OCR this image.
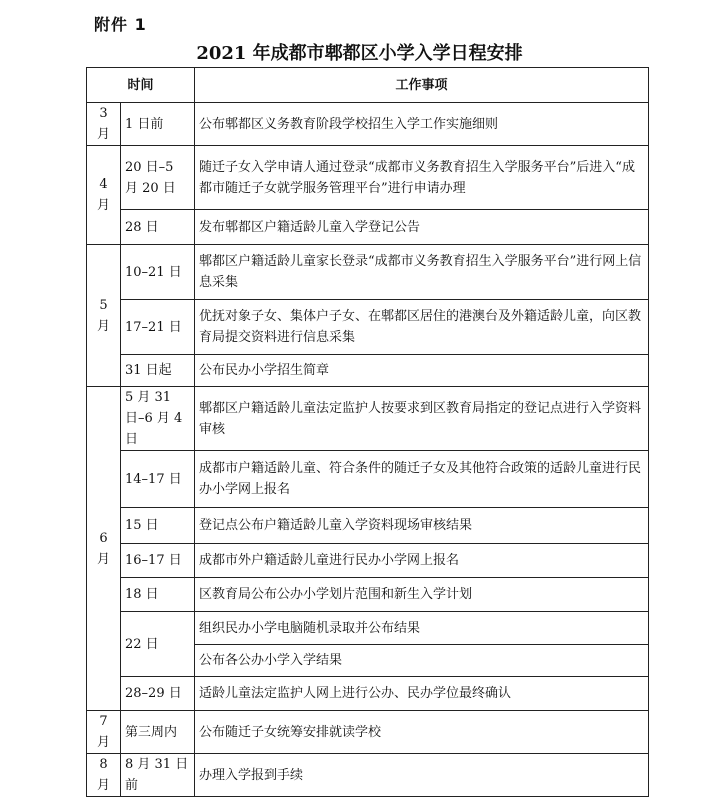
附件 1
2021 年成都市郫都区小学入学日程安排
时间		工作事项
3 月	1 日前	公布郫都区义务教育阶段学校招生入学工作实施细则
4 月	20 日–5 月 20 日	随迁子女入学申请人通过登录“成都市义务教育招生入学服务平台”后进入“成都市随迁子女就学服务管理平台”进行申请办理
	28 日	发布郫都区户籍适龄儿童入学登记公告
5 月	10–21 日	郫都区户籍适龄儿童家长登录“成都市义务教育招生入学服务平台”进行网上信息采集
	17–21 日	优抚对象子女、集体户子女、在郫都区居住的港澳台及外籍适龄儿童，向区教育局提交资料进行信息采集
	31 日起	公布民办小学招生简章
6 月	5 月 31 日–6 月 4 日	郫都区户籍适龄儿童法定监护人按要求到区教育局指定的登记点进行入学资料审核
	14–17 日	成都市户籍适龄儿童、符合条件的随迁子女及其他符合政策的适龄儿童进行民办小学网上报名
	15 日	登记点公布户籍适龄儿童入学资料现场审核结果
	16–17 日	成都市外户籍适龄儿童进行民办小学网上报名
	18 日	区教育局公布公办小学划片范围和新生入学计划
	22 日	组织民办小学电脑随机录取并公布结果
		公布各公办小学入学结果
	28–29 日	适龄儿童法定监护人网上进行公办、民办学位最终确认
7 月	第三周内	公布随迁子女统筹安排就读学校
8 月	8 月 31 日前	办理入学报到手续
